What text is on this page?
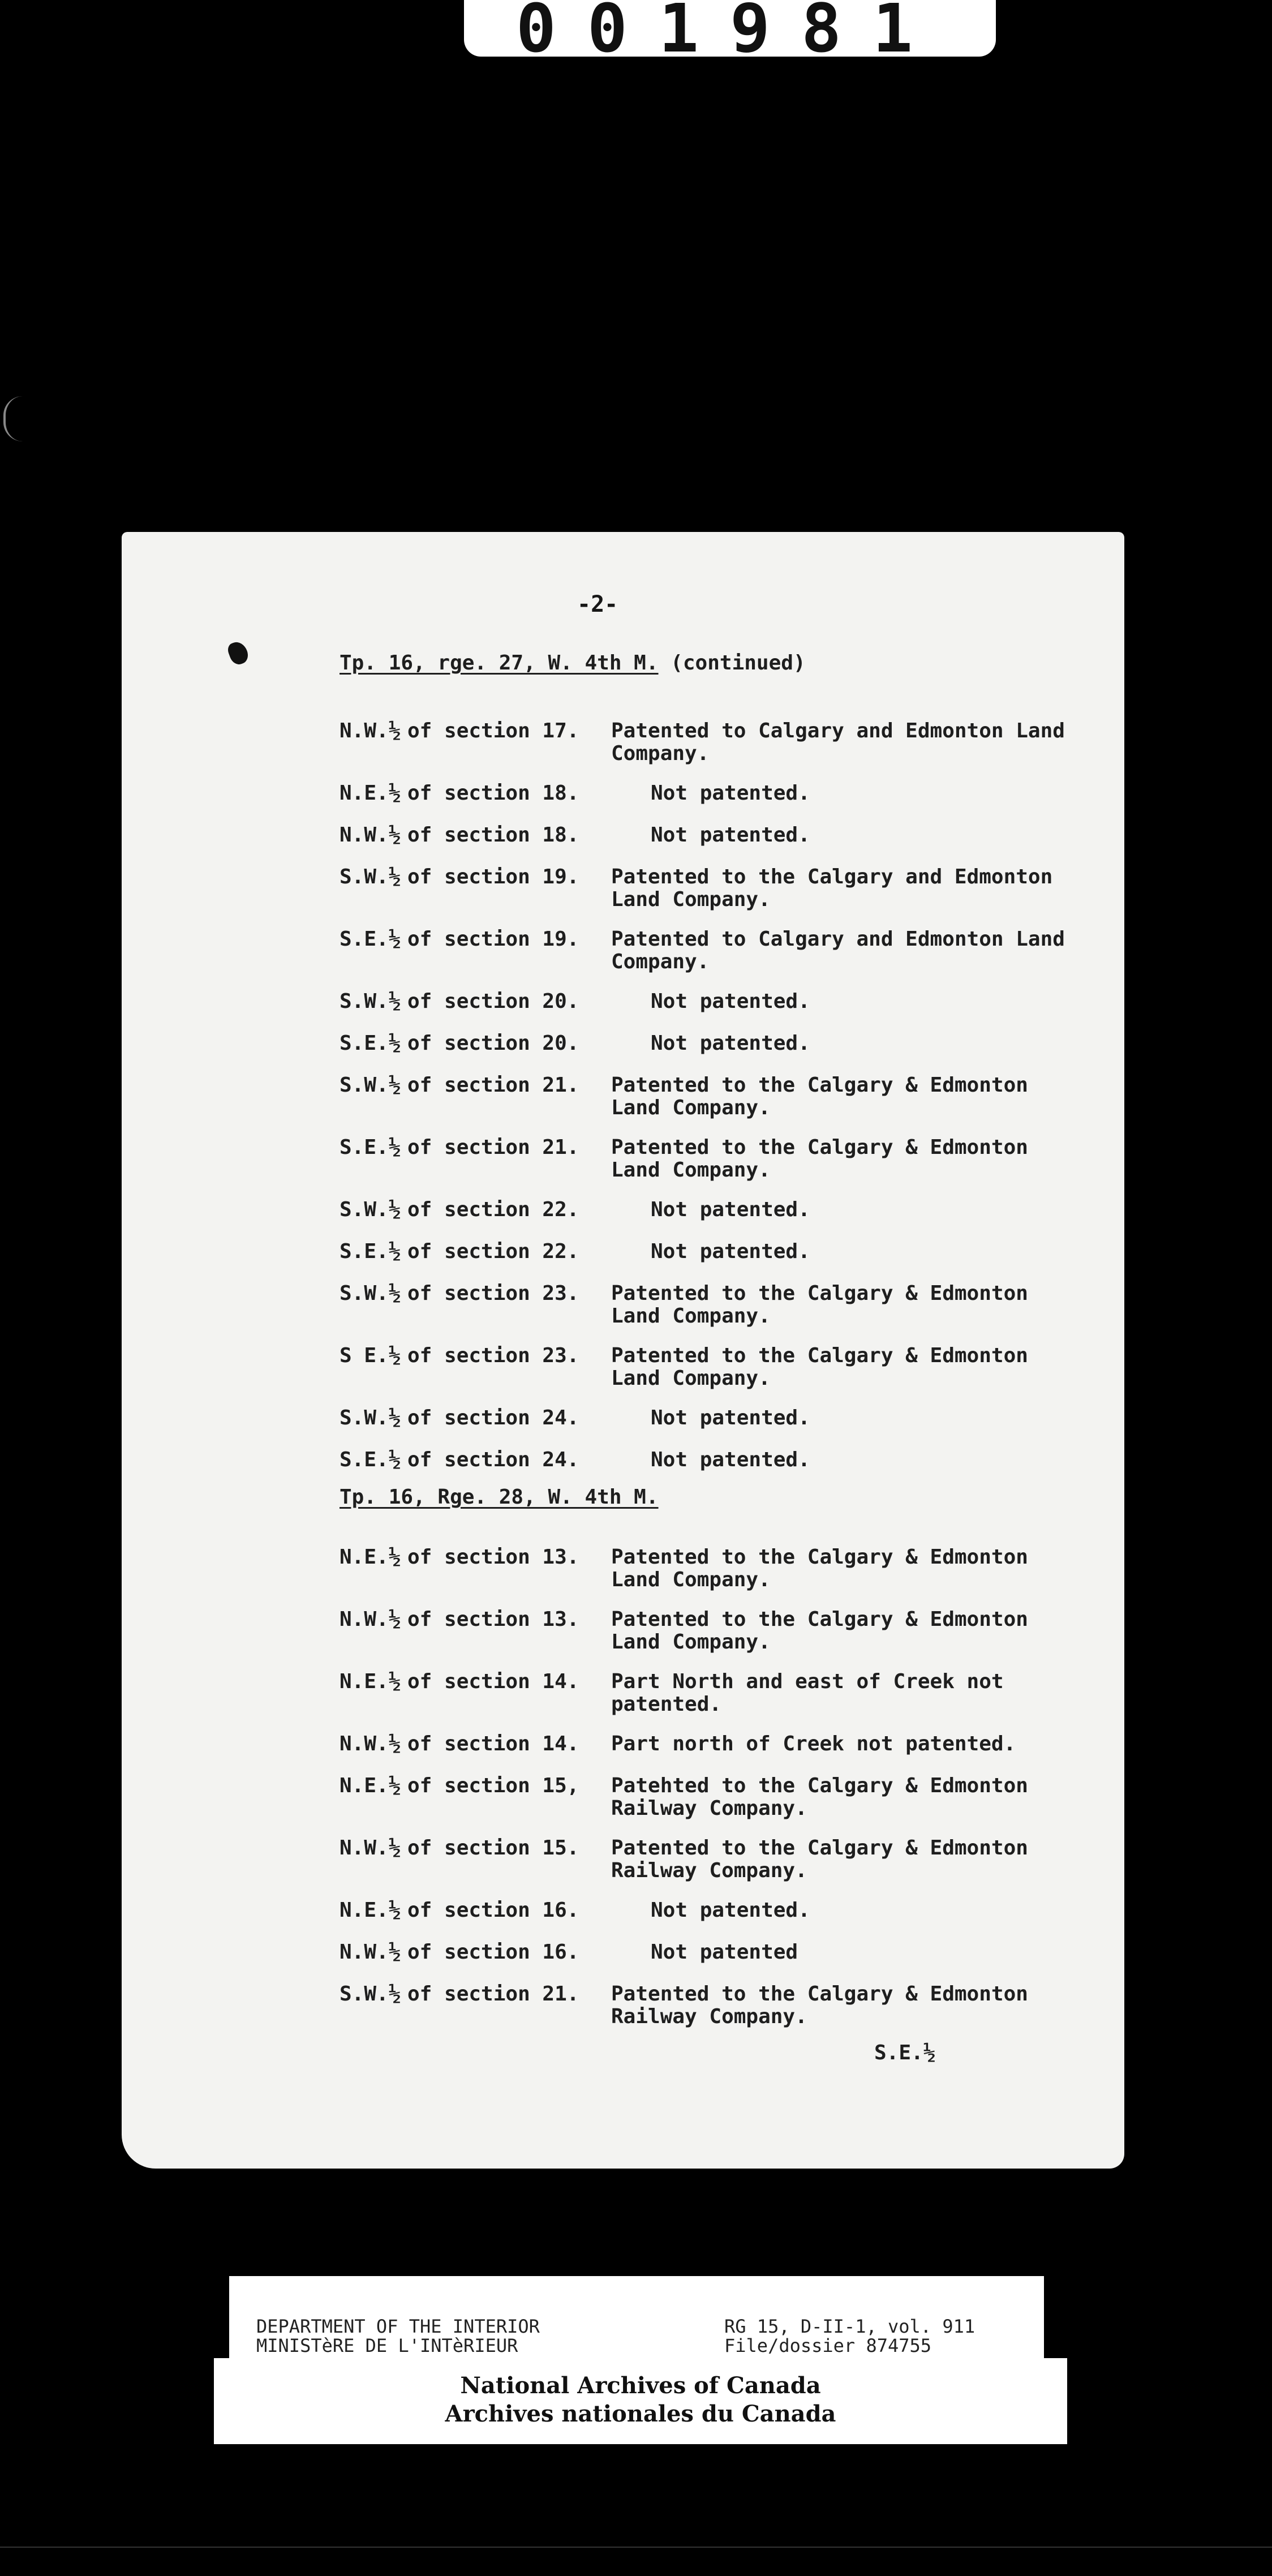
001981
-2-
Tp. 16, rge. 27, W. 4th M. (continued)
N.W.½ of section 17. Patented to Calgary and Edmonton Land Company.
N.E.½ of section 18.	Not patented.
N.W.½ of section 18.	Not patented.
S.W.½ of section 19. Patented to the Calgary and Edmonton Land Company.
S.E.½ of section 19. Patented to Calgary and Edmonton Land Company.
S.W.½ of section 20.	Not patented.
S.E.½ of section 20.	Not patented.
S.W.½ of section 21. Patented to the Calgary & Edmonton Land Company.
S.E.½ of section 21. Patented to the Calgary & Edmonton Land Company.
S.W.½ of section 22.	Not patented.
S.E.½ of section 22.	Not patented.
S.W.½ of section 23. Patented to the Calgary & Edmonton Land Company.
S E.½ of section 23. Patented to the Calgary & Edmonton Land Company.
S.W.½ of section 24.	Not patented.
S.E.½ of section 24.	Not patented.
Tp. 16, Rge. 28, W. 4th M.
N.E.½ of section 13. Patented to the Calgary & Edmonton Land Company.
N.W.½ of section 13. Patented to the Calgary & Edmonton Land Company.
N.E.½ of section 14. Part North and east of Creek not patented.
N.W.½ of section 14. Part north of Creek not patented.
N.E.½ of section 15, Patehted to the Calgary & Edmonton Railway Company.
N.W.½ of section 15. Patented to the Calgary & Edmonton Railway Company.
N.E.½ of section 16.	Not patented.
N.W.½ of section 16.	Not patented
S.W.½ of section 21. Patented to the Calgary & Edmonton Railway Company.
S.E.½
DEPARTMENT OF THE INTERIOR
MINISTèRE DE L'INTèRIEUR
RG 15, D-II-1, vol. 911
File/dossier 874755
National Archives of Canada
Archives nationales du Canada
